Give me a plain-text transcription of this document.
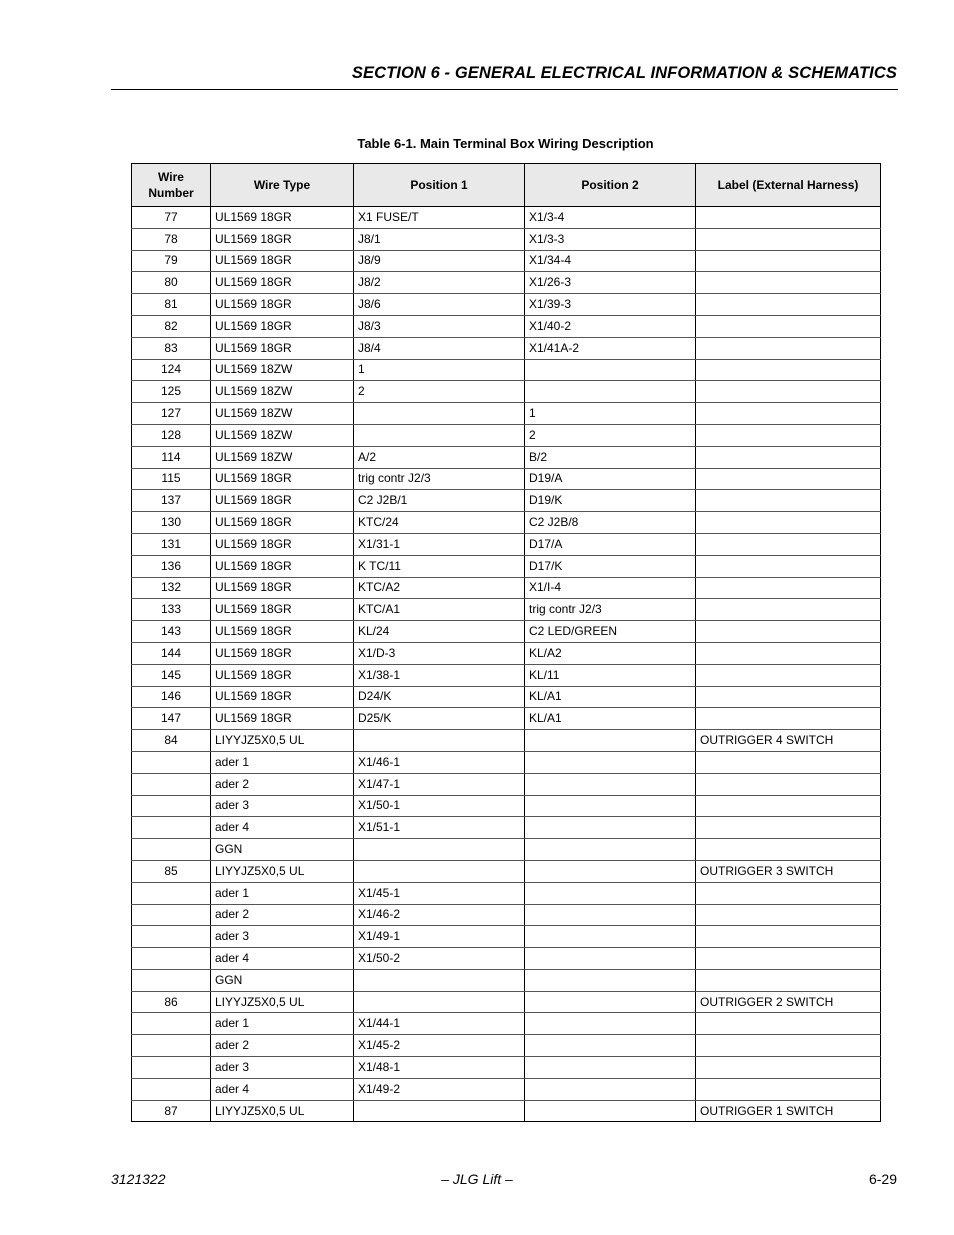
SECTION 6 - GENERAL ELECTRICAL INFORMATION & SCHEMATICS
Table 6-1. Main Terminal Box Wiring Description
Wire
Number	Wire Type	Position 1	Position 2	Label (External Harness)
77	UL1569 18GR	X1 FUSE/T	X1/3-4	
78	UL1569 18GR	J8/1	X1/3-3	
79	UL1569 18GR	J8/9	X1/34-4	
80	UL1569 18GR	J8/2	X1/26-3	
81	UL1569 18GR	J8/6	X1/39-3	
82	UL1569 18GR	J8/3	X1/40-2	
83	UL1569 18GR	J8/4	X1/41A-2	
124	UL1569 18ZW	1		
125	UL1569 18ZW	2		
127	UL1569 18ZW		1	
128	UL1569 18ZW		2	
114	UL1569 18ZW	A/2	B/2	
115	UL1569 18GR	trig contr J2/3	D19/A	
137	UL1569 18GR	C2 J2B/1	D19/K	
130	UL1569 18GR	KTC/24	C2 J2B/8	
131	UL1569 18GR	X1/31-1	D17/A	
136	UL1569 18GR	K TC/11	D17/K	
132	UL1569 18GR	KTC/A2	X1/I-4	
133	UL1569 18GR	KTC/A1	trig contr J2/3	
143	UL1569 18GR	KL/24	C2 LED/GREEN	
144	UL1569 18GR	X1/D-3	KL/A2	
145	UL1569 18GR	X1/38-1	KL/11	
146	UL1569 18GR	D24/K	KL/A1	
147	UL1569 18GR	D25/K	KL/A1	
84	LIYYJZ5X0,5 UL			OUTRIGGER 4 SWITCH
	ader 1	X1/46-1		
	ader 2	X1/47-1		
	ader 3	X1/50-1		
	ader 4	X1/51-1		
	GGN			
85	LIYYJZ5X0,5 UL			OUTRIGGER 3 SWITCH
	ader 1	X1/45-1		
	ader 2	X1/46-2		
	ader 3	X1/49-1		
	ader 4	X1/50-2		
	GGN			
86	LIYYJZ5X0,5 UL			OUTRIGGER 2 SWITCH
	ader 1	X1/44-1		
	ader 2	X1/45-2		
	ader 3	X1/48-1		
	ader 4	X1/49-2		
87	LIYYJZ5X0,5 UL			OUTRIGGER 1 SWITCH
3121322	– JLG Lift –	6-29
